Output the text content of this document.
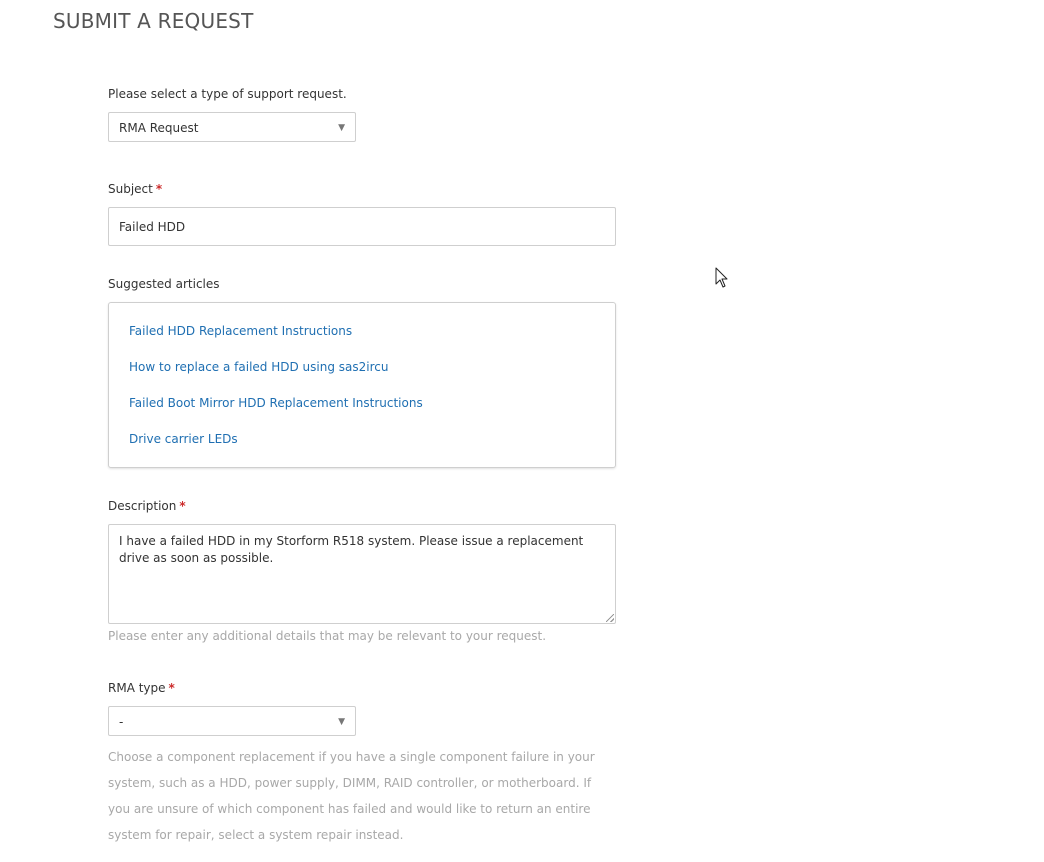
SUBMIT A REQUEST
Please select a type of support request.
RMA Request	▼
Subject *
Failed HDD
Suggested articles
Failed HDD Replacement Instructions
How to replace a failed HDD using sas2ircu
Failed Boot Mirror HDD Replacement Instructions
Drive carrier LEDs
Description *
I have a failed HDD in my Storform R518 system. Please issue a replacement drive as soon as possible.
Please enter any additional details that may be relevant to your request.
RMA type *
-	▼
Choose a component replacement if you have a single component failure in your system, such as a HDD, power supply, DIMM, RAID controller, or motherboard. If you are unsure of which component has failed and would like to return an entire system for repair, select a system repair instead.
